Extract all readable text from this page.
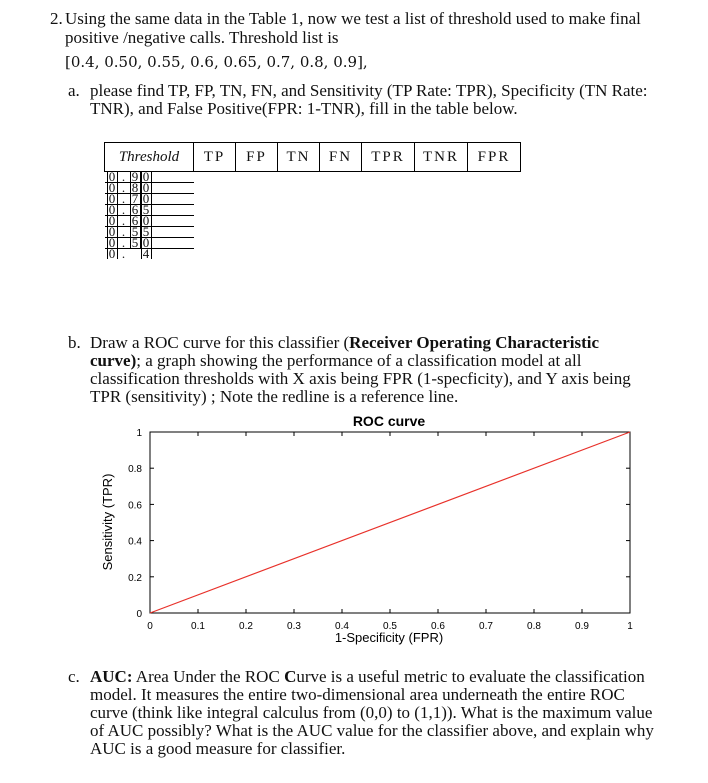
2. Using the same data in the Table 1, now we test a list of threshold used to make final
positive /negative calls. Threshold list is
[0.4, 0.50, 0.55, 0.6, 0.65, 0.7, 0.8, 0.9],
a. please find TP, FP, TN, FN, and Sensitivity (TP Rate: TPR), Specificity (TN Rate:
TNR), and False Positive(FPR: 1-TNR), fill in the table below.
Threshold	TP	FP	TN	FN	TPR	TNR	FPR

0 . 9 0							

0 . 8 0							

0 . 7 0							

0 . 6 5							

0 . 6 0							

0 . 5 5							

0 . 5 0							

0 . 4							

b. Draw a ROC curve for this classifier (Receiver Operating Characteristic
curve); a graph showing the performance of a classification model at all
classification thresholds with X axis being FPR (1-specficity), and Y axis being
TPR (sensitivity) ; Note the redline is a reference line.
ROC curve
0	0.1	0.2	0.3	0.4	0.5	0.6	0.7	0.8	0.9	1
0
0.2
0.4
0.6
0.8
1
1-Specificity (FPR)
Sensitivity (TPR)
c. AUC: Area Under the ROC Curve is a useful metric to evaluate the classification
model. It measures the entire two-dimensional area underneath the entire ROC
curve (think like integral calculus from (0,0) to (1,1)). What is the maximum value
of AUC possibly? What is the AUC value for the classifier above, and explain why
AUC is a good measure for classifier.
